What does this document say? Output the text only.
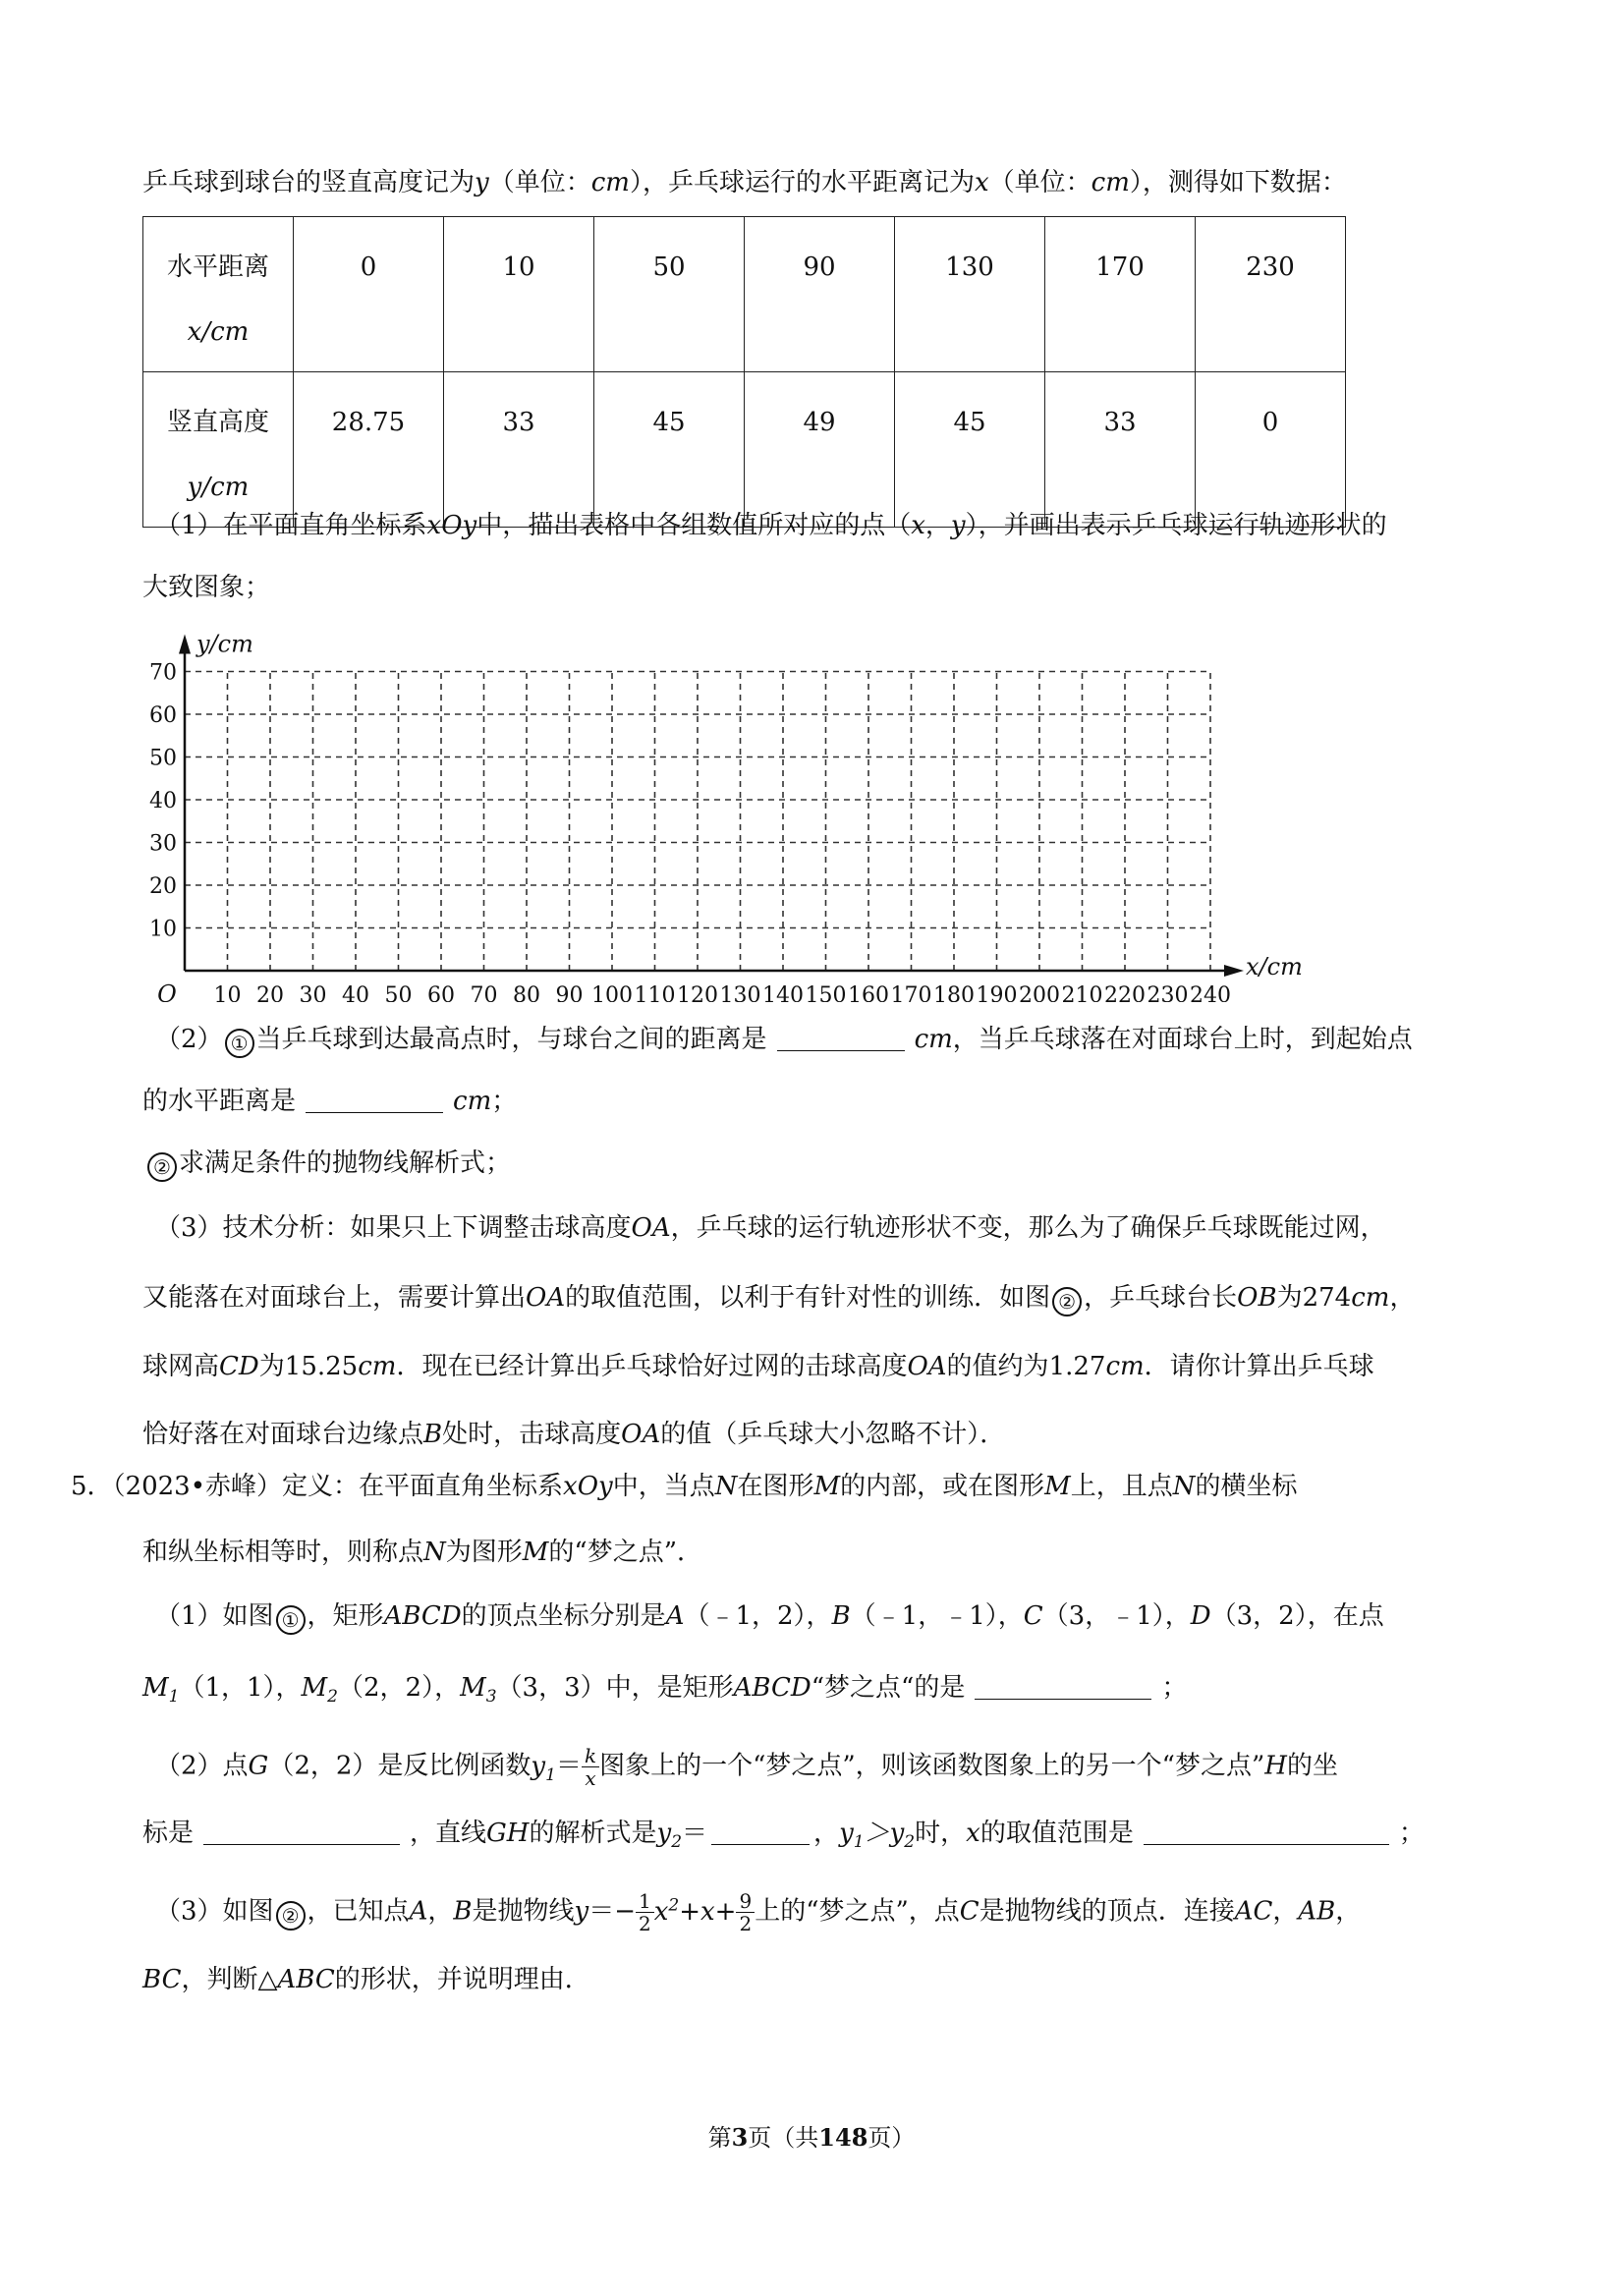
乒乓球到球台的竖直高度记为y（单位：cm），乒乓球运行的水平距离记为x（单位：cm），测得如下数据：
水平距离
x/cm	0	10	50	90	130	170	230
竖直高度
y/cm	28.75	33	45	49	45	33	0
（1）在平面直角坐标系xOy中，描出表格中各组数值所对应的点（x，y），并画出表示乒乓球运行轨迹形状的
大致图象；
10 20 30 40 50 60 70 80 90 100 110 120 130 140 150 160 170 180 190 200 210 220 230 240
10
20
30
40
50
60
70
O
y/cm
x/cm
（2） ① 当乒乓球到达最高点时，与球台之间的距离是	cm，当乒乓球落在对面球台上时，到起始点
的水平距离是	cm；
② 求满足条件的抛物线解析式；
（3）技术分析：如果只上下调整击球高度OA，乒乓球的运行轨迹形状不变，那么为了确保乒乓球既能过网，
又能落在对面球台上，需要计算出OA的取值范围，以利于有针对性的训练．如图 ② ，乒乓球台长OB为274cm，
球网高CD为15.25cm．现在已经计算出乒乓球恰好过网的击球高度OA的值约为1.27cm．请你计算出乒乓球
恰好落在对面球台边缘点B处时，击球高度OA的值（乒乓球大小忽略不计）．
5．（2023•赤峰）定义：在平面直角坐标系xOy中，当点N在图形M的内部，或在图形M上，且点N的横坐标
和纵坐标相等时，则称点N为图形M的“梦之点”．
（1）如图 ① ，矩形ABCD的顶点坐标分别是A（﹣1，2），B（﹣1，﹣1），C（3，﹣1），D（3，2），在点
$M_1(1$，1），$M_2(2$，2），$M_3(3$，3）中，是矩形ABCD“梦之点“的是	；
（2）点G（2，2）是反比例函数$y_1= \frac{k}{x}$ 图象上的一个“梦之点”，则该函数图象上的另一个“梦之点”H的坐
标是	，直线GH的解析式是$y_2=$	，$y_1>y_2$时，x的取值范围是	；
（3）如图 ② ，已知点A，B是抛物线$y=- \frac{1}{2} x^2+x+ \frac{9}{2}$ 上的“梦之点”，点C是抛物线的顶点．连接AC，AB，
BC，判断△ABC的形状，并说明理由．
第3页（共148页）
